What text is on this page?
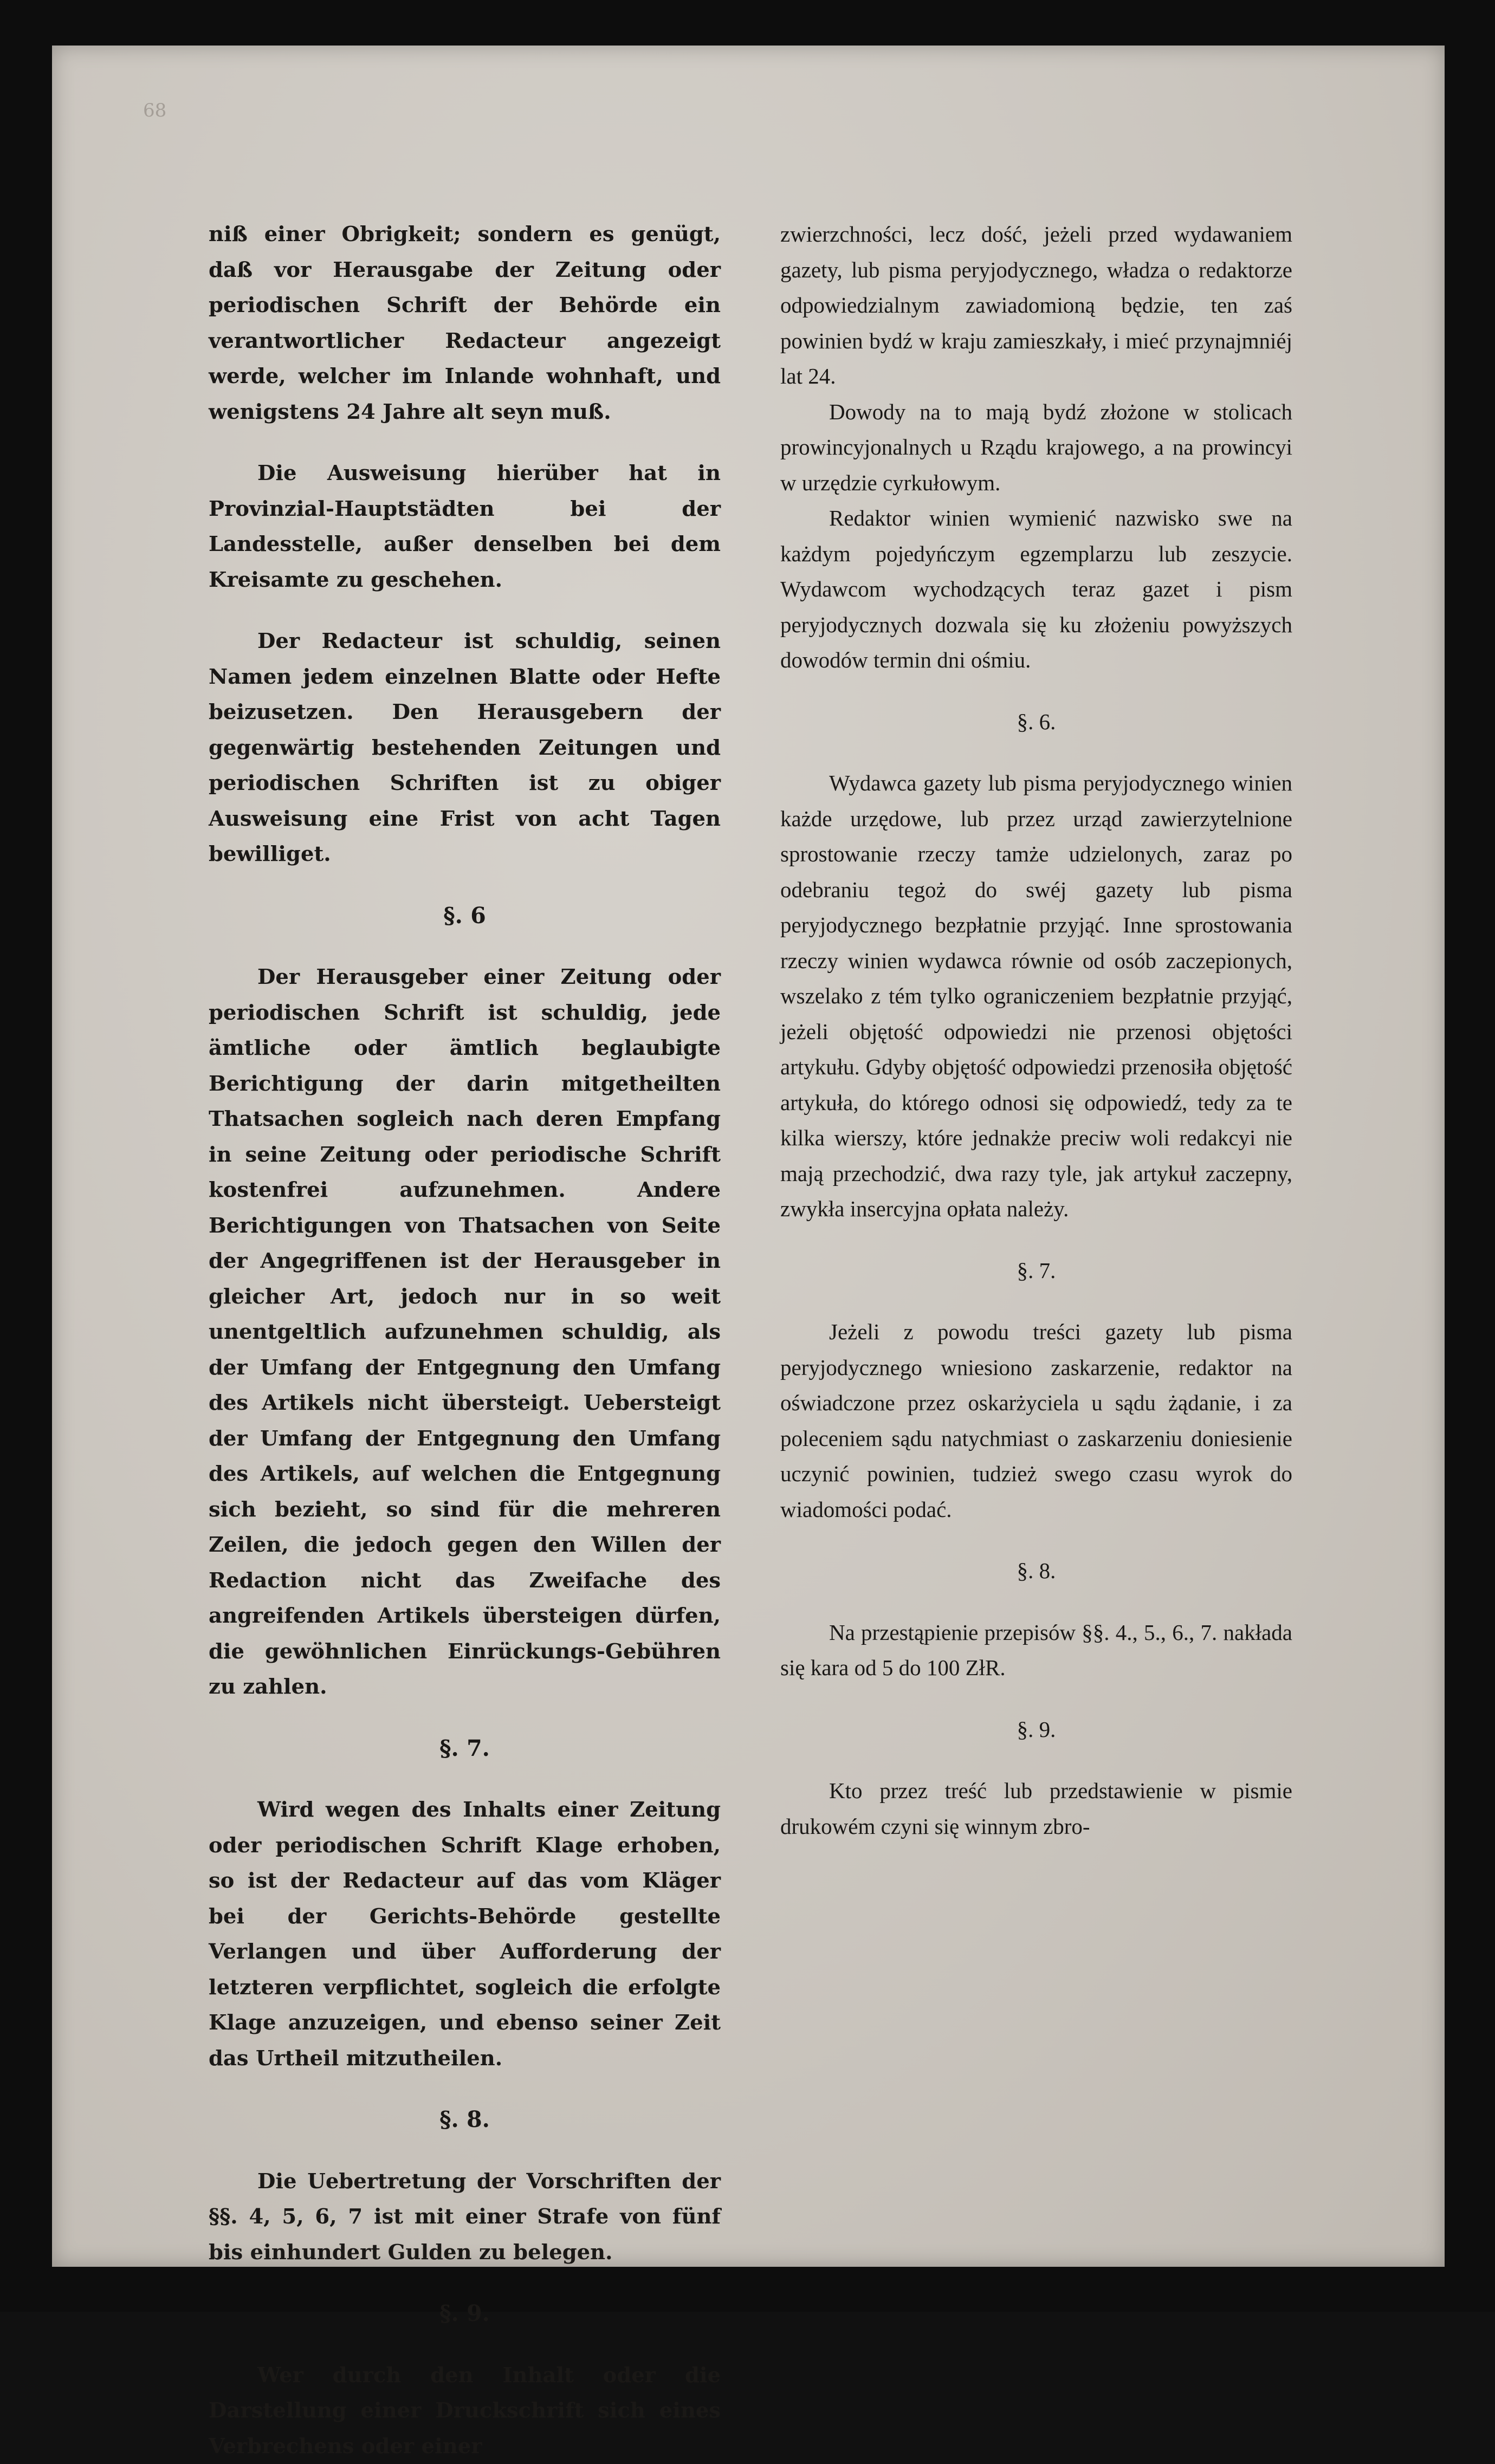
68

niß einer Obrigkeit; sondern es genügt, daß vor Herausgabe der Zeitung oder periodischen Schrift der Behörde ein verantwortlicher Redacteur angezeigt werde, welcher im Inlande wohnhaft, und wenigstens 24 Jahre alt seyn muß.

Die Ausweisung hierüber hat in Provinzial-Hauptstädten bei der Landesstelle, außer denselben bei dem Kreisamte zu geschehen.

Der Redacteur ist schuldig, seinen Namen jedem einzelnen Blatte oder Hefte beizusetzen. Den Herausgebern der gegenwärtig bestehenden Zeitungen und periodischen Schriften ist zu obiger Ausweisung eine Frist von acht Tagen bewilliget.

§. 6

Der Herausgeber einer Zeitung oder periodischen Schrift ist schuldig, jede ämtliche oder ämtlich beglaubigte Berichtigung der darin mitgetheilten Thatsachen sogleich nach deren Empfang in seine Zeitung oder periodische Schrift kostenfrei aufzunehmen. Andere Berichtigungen von Thatsachen von Seite der Angegriffenen ist der Herausgeber in gleicher Art, jedoch nur in so weit unentgeltlich aufzunehmen schuldig, als der Umfang der Entgegnung den Umfang des Artikels nicht übersteigt. Uebersteigt der Umfang der Entgegnung den Umfang des Artikels, auf welchen die Entgegnung sich bezieht, so sind für die mehreren Zeilen, die jedoch gegen den Willen der Redaction nicht das Zweifache des angreifenden Artikels übersteigen dürfen, die gewöhnlichen Einrückungs-Gebühren zu zahlen.

§. 7.

Wird wegen des Inhalts einer Zeitung oder periodischen Schrift Klage erhoben, so ist der Redacteur auf das vom Kläger bei der Gerichts-Behörde gestellte Verlangen und über Aufforderung der letzteren verpflichtet, sogleich die erfolgte Klage anzuzeigen, und ebenso seiner Zeit das Urtheil mitzutheilen.

§. 8.

Die Uebertretung der Vorschriften der §§. 4, 5, 6, 7 ist mit einer Strafe von fünf bis einhundert Gulden zu belegen.

§. 9.

Wer durch den Inhalt oder die Darstellung einer Druckschrift sich eines Verbrechens oder einer

zwierzchności, lecz dość, jeżeli przed wydawaniem gazety, lub pisma peryjodycznego, władza o redaktorze odpowiedzialnym zawiadomioną będzie, ten zaś powinien bydź w kraju zamieszkały, i mieć przynajmniéj lat 24.

Dowody na to mają bydź złożone w stolicach prowincyjonalnych u Rządu krajowego, a na prowincyi w urzędzie cyrkułowym.

Redaktor winien wymienić nazwisko swe na każdym pojedyńczym egzemplarzu lub zeszycie. Wydawcom wychodzących teraz gazet i pism peryjodycznych dozwala się ku złożeniu powyższych dowodów termin dni ośmiu.

§. 6.

Wydawca gazety lub pisma peryjodycznego winien każde urzędowe, lub przez urząd zawierzytelnione sprostowanie rzeczy tamże udzielonych, zaraz po odebraniu tegoż do swéj gazety lub pisma peryjodycznego bezpłatnie przyjąć. Inne sprostowania rzeczy winien wydawca równie od osób zaczepionych, wszelako z tém tylko ograniczeniem bezpłatnie przyjąć, jeżeli objętość odpowiedzi nie przenosi objętości artykułu. Gdyby objętość odpowiedzi przenosiła objętość artykuła, do którego odnosi się odpowiedź, tedy za te kilka wierszy, które jednakże preciw woli redakcyi nie mają przechodzić, dwa razy tyle, jak artykuł zaczepny, zwykła insercyjna opłata należy.

§. 7.

Jeżeli z powodu treści gazety lub pisma peryjodycznego wniesiono zaskarzenie, redaktor na oświadczone przez oskarżyciela u sądu żądanie, i za poleceniem sądu natychmiast o zaskarzeniu doniesienie uczynić powinien, tudzież swego czasu wyrok do wiadomości podać.

§. 8.

Na przestąpienie przepisów §§. 4., 5., 6., 7. nakłada się kara od 5 do 100 ZłR.

§. 9.

Kto przez treść lub przedstawienie w pismie drukowém czyni się winnym zbro-
